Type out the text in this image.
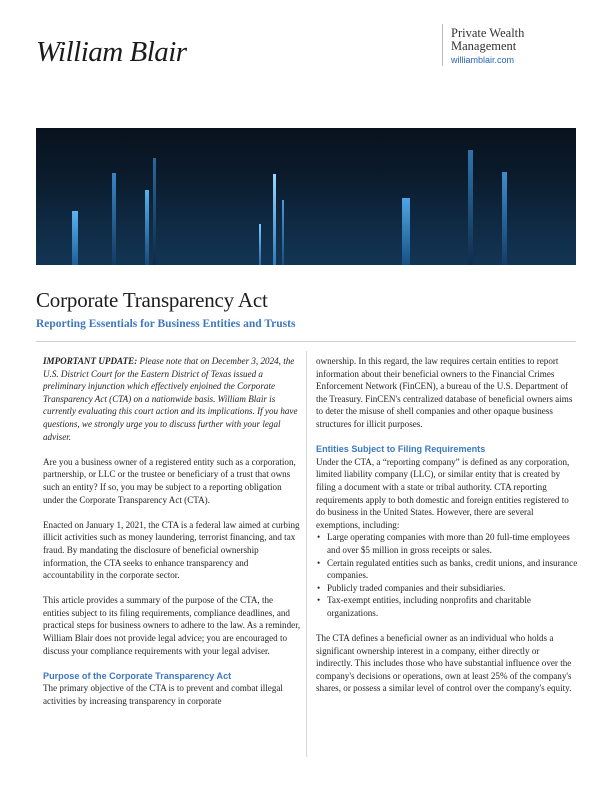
William Blair
Private Wealth
Management
williamblair.com
Corporate Transparency Act
Reporting Essentials for Business Entities and Trusts

IMPORTANT UPDATE: Please note that on December 3, 2024, the U.S. District Court for the Eastern District of Texas issued a preliminary injunction which effectively enjoined the Corporate Transparency Act (CTA) on a nationwide basis. William Blair is currently evaluating this court action and its implications. If you have questions, we strongly urge you to discuss further with your legal adviser.

Are you a business owner of a registered entity such as a corporation, partnership, or LLC or the trustee or beneficiary of a trust that owns such an entity? If so, you may be subject to a reporting obligation under the Corporate Transparency Act (CTA).

Enacted on January 1, 2021, the CTA is a federal law aimed at curbing illicit activities such as money laundering, terrorist financing, and tax fraud. By mandating the disclosure of beneficial ownership information, the CTA seeks to enhance transparency and accountability in the corporate sector.

This article provides a summary of the purpose of the CTA, the entities subject to its filing requirements, compliance deadlines, and practical steps for business owners to adhere to the law. As a reminder, William Blair does not provide legal advice; you are encouraged to discuss your compliance requirements with your legal adviser.

Purpose of the Corporate Transparency Act

The primary objective of the CTA is to prevent and combat illegal activities by increasing transparency in corporate

ownership. In this regard, the law requires certain entities to report information about their beneficial owners to the Financial Crimes Enforcement Network (FinCEN), a bureau of the U.S. Department of the Treasury. FinCEN's centralized database of beneficial owners aims to deter the misuse of shell companies and other opaque business structures for illicit purposes.

Entities Subject to Filing Requirements

Under the CTA, a “reporting company” is defined as any corporation, limited liability company (LLC), or similar entity that is created by filing a document with a state or tribal authority. CTA reporting requirements apply to both domestic and foreign entities registered to do business in the United States. However, there are several exemptions, including:

• Large operating companies with more than 20 full-time employees and over $5 million in gross receipts or sales.
• Certain regulated entities such as banks, credit unions, and insurance companies.
• Publicly traded companies and their subsidiaries.
• Tax-exempt entities, including nonprofits and charitable organizations.

The CTA defines a beneficial owner as an individual who holds a significant ownership interest in a company, either directly or indirectly. This includes those who have substantial influence over the company's decisions or operations, own at least 25% of the company's shares, or possess a similar level of control over the company's equity.
